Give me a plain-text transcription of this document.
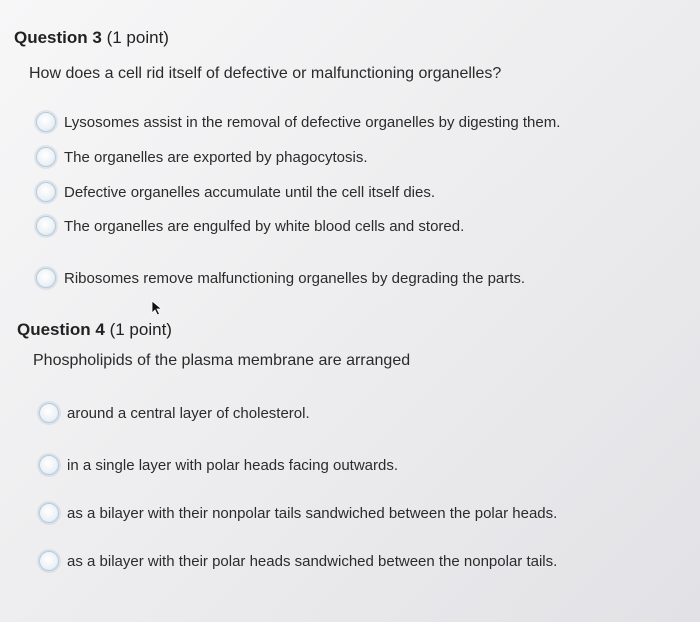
Question 3 (1 point)
How does a cell rid itself of defective or malfunctioning organelles?
Lysosomes assist in the removal of defective organelles by digesting them.
The organelles are exported by phagocytosis.
Defective organelles accumulate until the cell itself dies.
The organelles are engulfed by white blood cells and stored.
Ribosomes remove malfunctioning organelles by degrading the parts.
Question 4 (1 point)
Phospholipids of the plasma membrane are arranged
around a central layer of cholesterol.
in a single layer with polar heads facing outwards.
as a bilayer with their nonpolar tails sandwiched between the polar heads.
as a bilayer with their polar heads sandwiched between the nonpolar tails.
